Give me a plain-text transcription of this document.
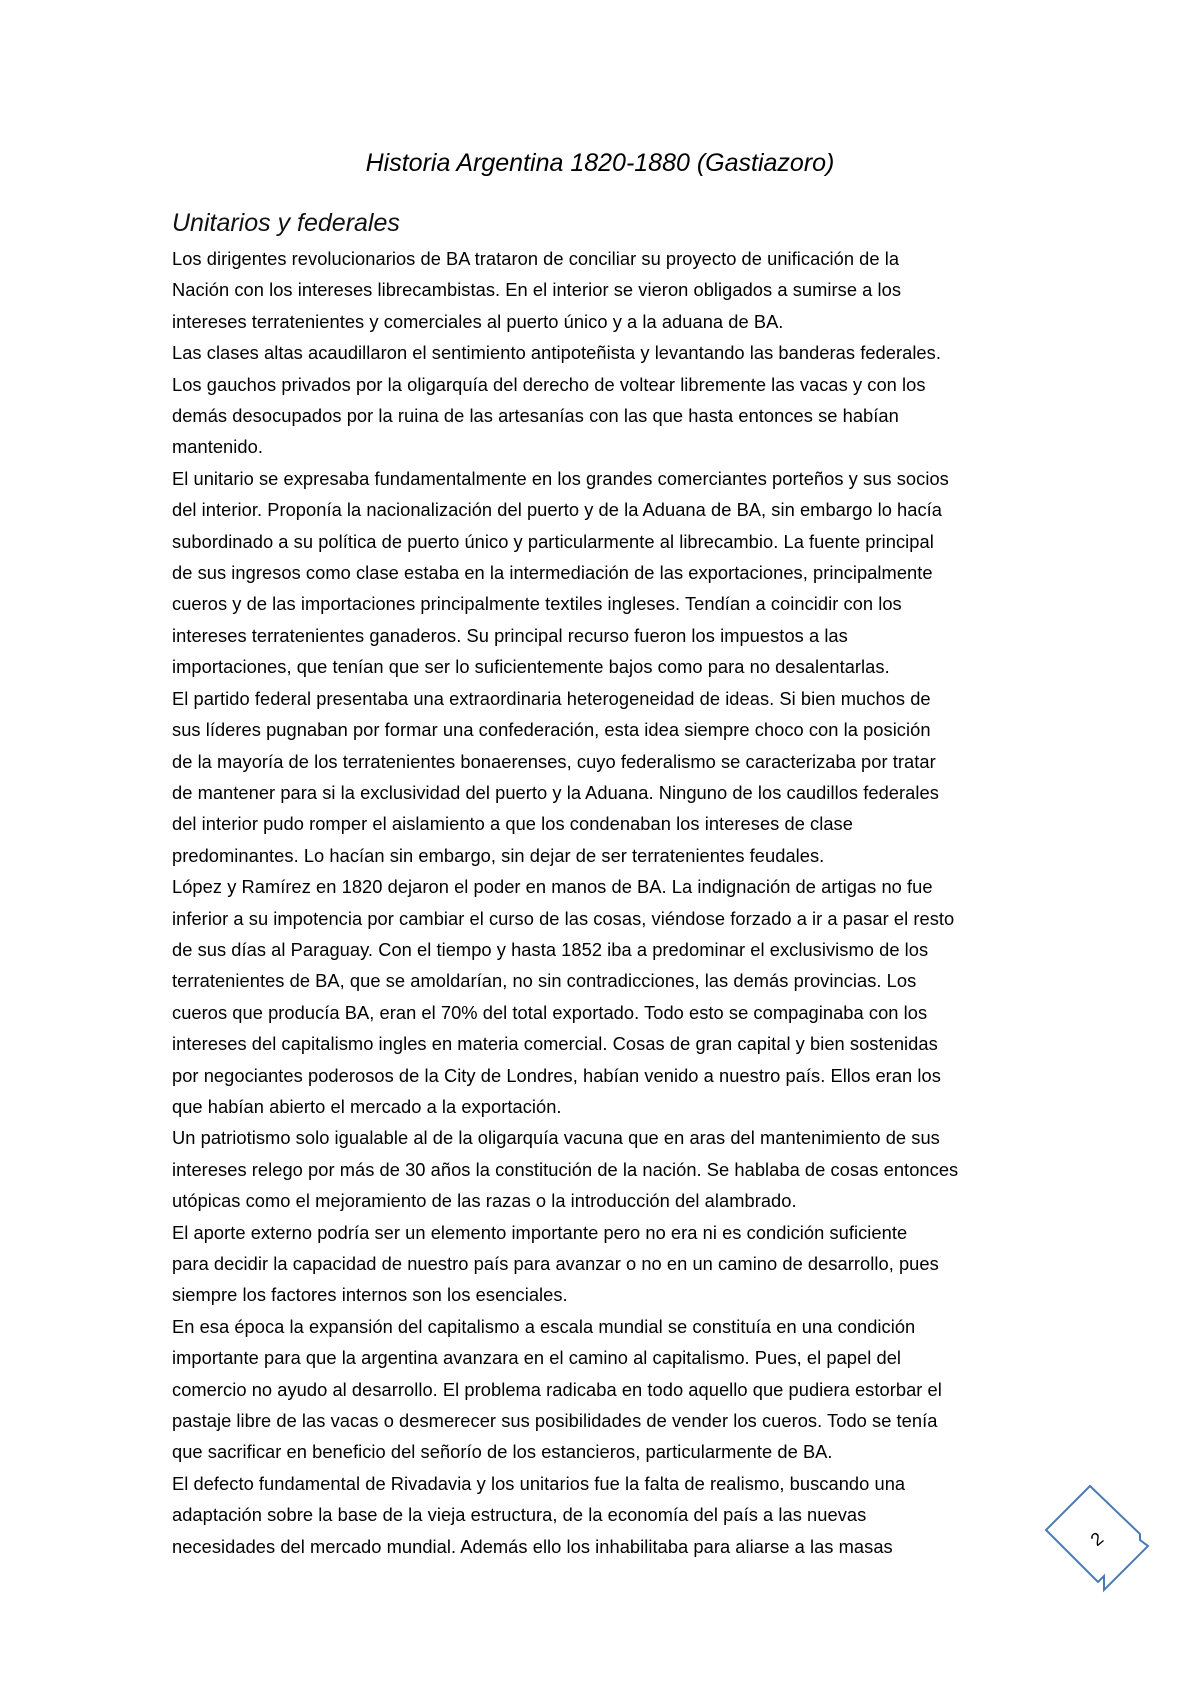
Historia Argentina 1820-1880 (Gastiazoro)
Unitarios y federales
Los dirigentes revolucionarios de BA trataron de conciliar su proyecto de unificación de la
Nación con los intereses librecambistas. En el interior se vieron obligados a sumirse a los
intereses terratenientes y comerciales al puerto único y a la aduana de BA.
Las clases altas acaudillaron el sentimiento antipoteñista y levantando las banderas federales.
Los gauchos privados por la oligarquía del derecho de voltear libremente las vacas y con los
demás desocupados por la ruina de las artesanías con las que hasta entonces se habían
mantenido.
El unitario se expresaba fundamentalmente en los grandes comerciantes porteños y sus socios
del interior. Proponía la nacionalización del puerto y de la Aduana de BA, sin embargo lo hacía
subordinado a su política de puerto único y particularmente al librecambio. La fuente principal
de sus ingresos como clase estaba en la intermediación de las exportaciones, principalmente
cueros y de las importaciones principalmente textiles ingleses. Tendían a coincidir con los
intereses terratenientes ganaderos. Su principal recurso fueron los impuestos a las
importaciones, que tenían que ser lo suficientemente bajos como para no desalentarlas.
El partido federal presentaba una extraordinaria heterogeneidad de ideas. Si bien muchos de
sus líderes pugnaban por formar una confederación, esta idea siempre choco con la posición
de la mayoría de los terratenientes bonaerenses, cuyo federalismo se caracterizaba por tratar
de mantener para si la exclusividad del puerto y la Aduana. Ninguno de los caudillos federales
del interior pudo romper el aislamiento a que los condenaban los intereses de clase
predominantes. Lo hacían sin embargo, sin dejar de ser terratenientes feudales.
López y Ramírez en 1820 dejaron el poder en manos de BA. La indignación de artigas no fue
inferior a su impotencia por cambiar el curso de las cosas, viéndose forzado a ir a pasar el resto
de sus días al Paraguay. Con el tiempo y hasta 1852 iba a predominar el exclusivismo de los
terratenientes de BA, que se amoldarían, no sin contradicciones, las demás provincias. Los
cueros que producía BA, eran el 70% del total exportado. Todo esto se compaginaba con los
intereses del capitalismo ingles en materia comercial. Cosas de gran capital y bien sostenidas
por negociantes poderosos de la City de Londres, habían venido a nuestro país. Ellos eran los
que habían abierto el mercado a la exportación.
Un patriotismo solo igualable al de la oligarquía vacuna que en aras del mantenimiento de sus
intereses relego por más de 30 años la constitución de la nación. Se hablaba de cosas entonces
utópicas como el mejoramiento de las razas o la introducción del alambrado.
El aporte externo podría ser un elemento importante pero no era ni es condición suficiente
para decidir la capacidad de nuestro país para avanzar o no en un camino de desarrollo, pues
siempre los factores internos son los esenciales.
En esa época la expansión del capitalismo a escala mundial se constituía en una condición
importante para que la argentina avanzara en el camino al capitalismo. Pues, el papel del
comercio no ayudo al desarrollo. El problema radicaba en todo aquello que pudiera estorbar el
pastaje libre de las vacas o desmerecer sus posibilidades de vender los cueros. Todo se tenía
que sacrificar en beneficio del señorío de los estancieros, particularmente de BA.
El defecto fundamental de Rivadavia y los unitarios fue la falta de realismo, buscando una
adaptación sobre la base de la vieja estructura, de la economía del país a las nuevas
necesidades del mercado mundial. Además ello los inhabilitaba para aliarse a las masas	2
